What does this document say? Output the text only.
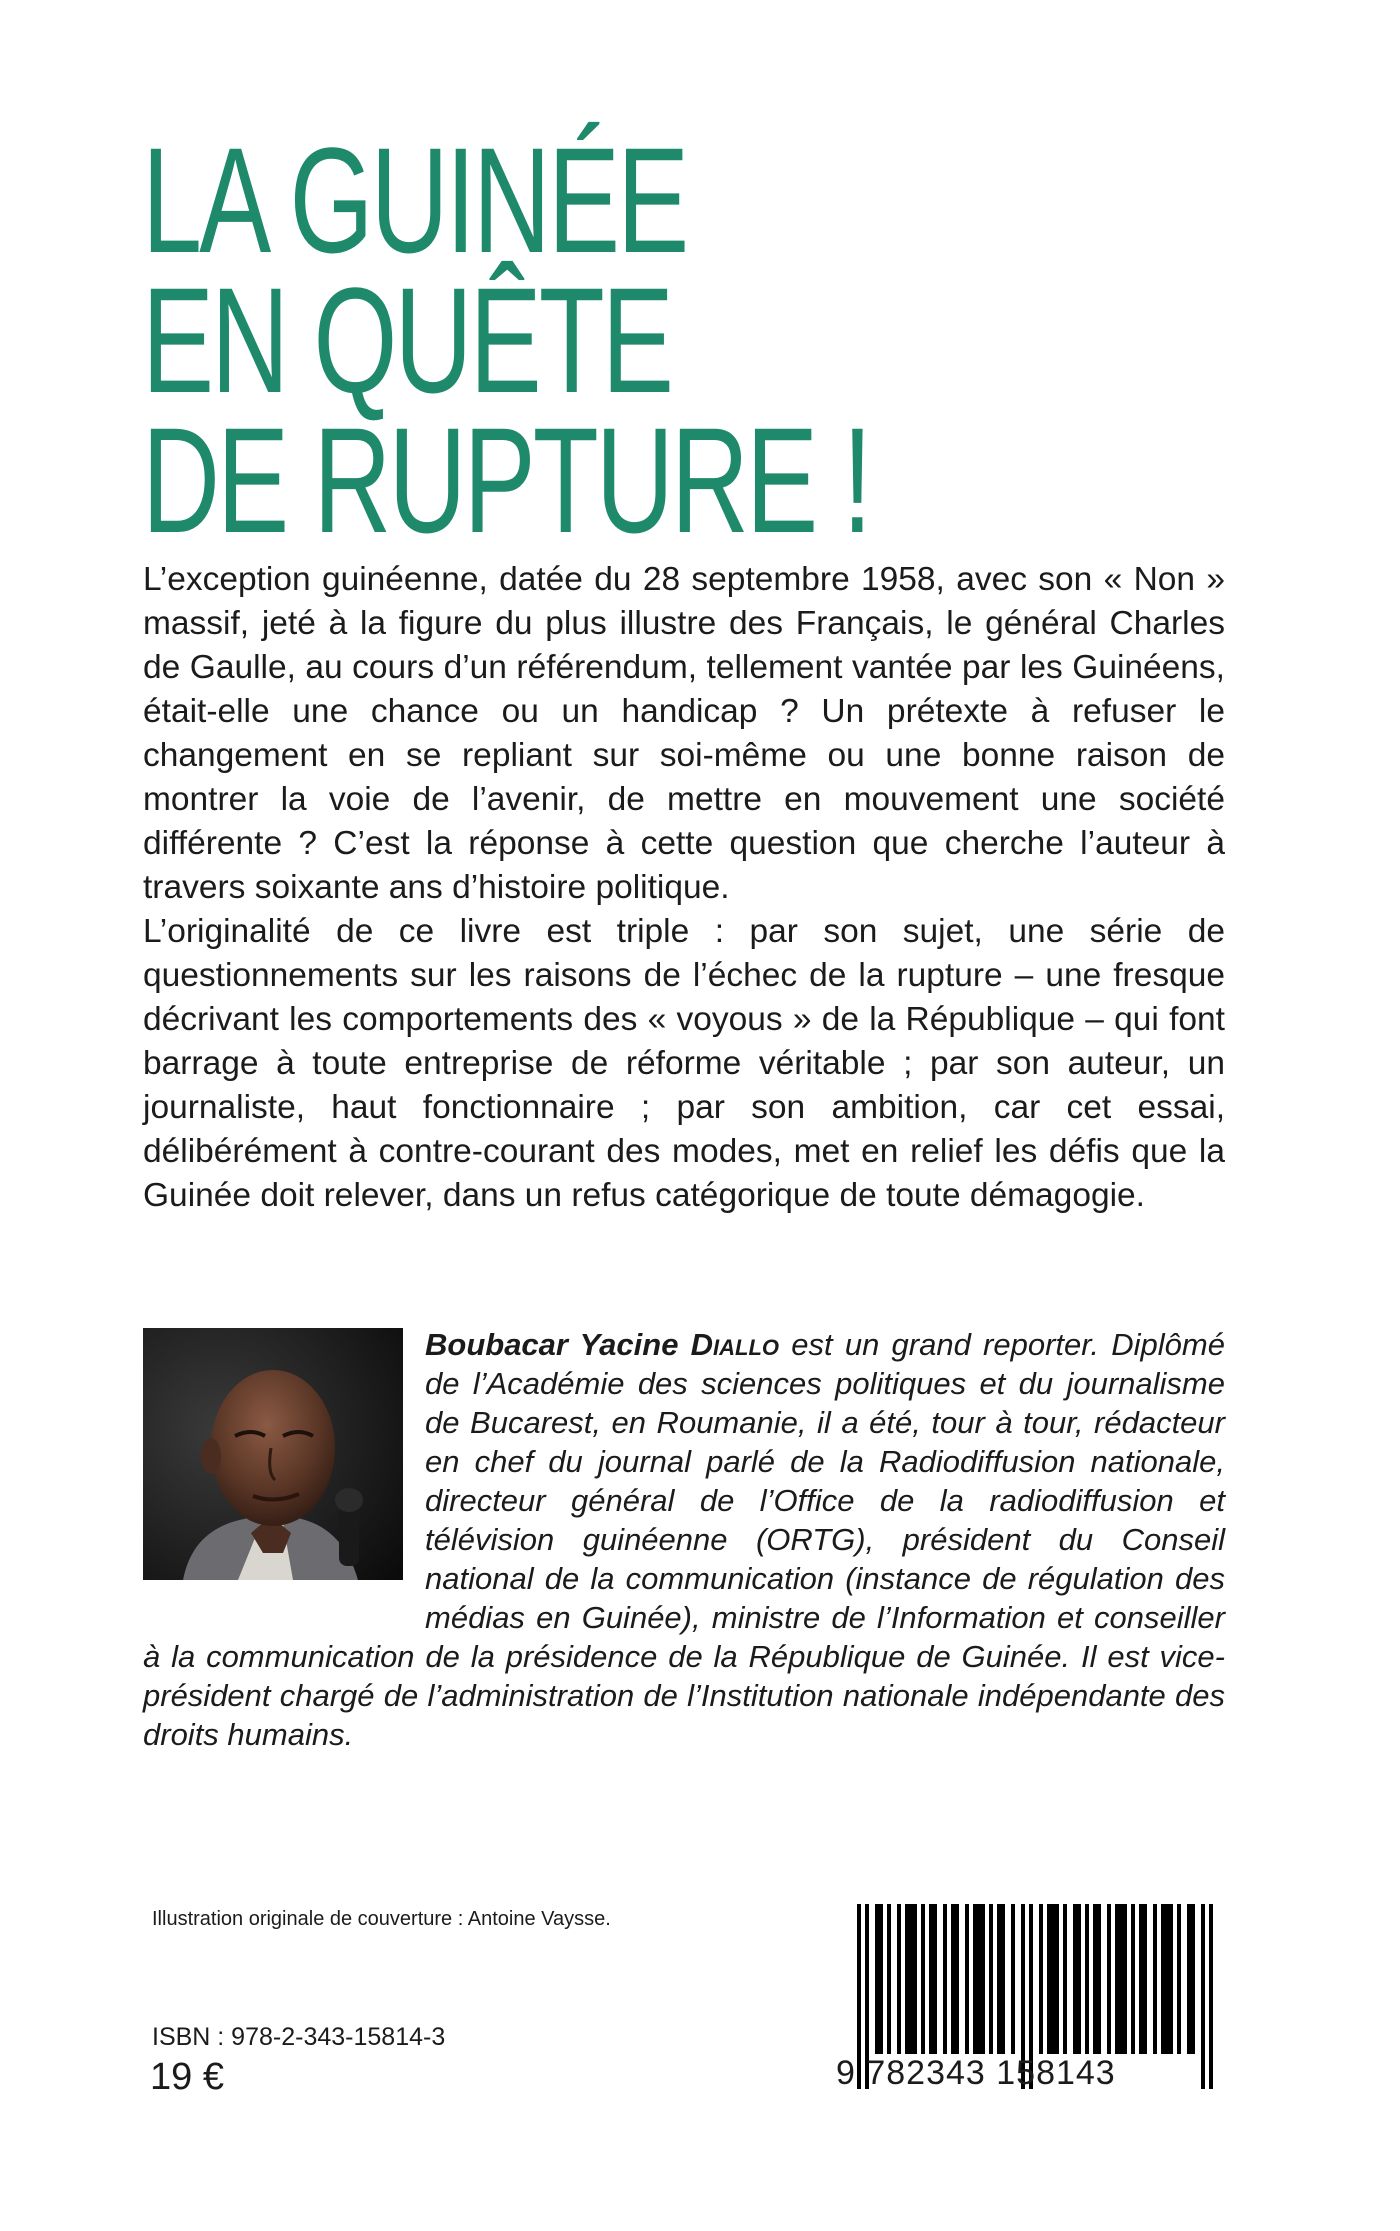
LA GUINÉE
EN QUÊTE
DE RUPTURE !

L’exception guinéenne, datée du 28 septembre 1958, avec son « Non » massif, jeté à la figure du plus illustre des Français, le général Charles de Gaulle, au cours d’un référendum, tellement vantée par les Guinéens, était-elle une chance ou un handicap ? Un prétexte à refuser le changement en se repliant sur soi-même ou une bonne raison de montrer la voie de l’avenir, de mettre en mouvement une société différente ? C’est la réponse à cette question que cherche l’auteur à travers soixante ans d’histoire politique.

L’originalité de ce livre est triple : par son sujet, une série de questionnements sur les raisons de l’échec de la rupture – une fresque décrivant les comportements des « voyous » de la République – qui font barrage à toute entreprise de réforme véritable ; par son auteur, un journaliste, haut fonctionnaire ; par son ambition, car cet essai, délibérément à contre-courant des modes, met en relief les défis que la Guinée doit relever, dans un refus catégorique de toute démagogie.

Boubacar Yacine Diallo est un grand reporter. Diplômé de l’Académie des sciences politiques et du journalisme de Bucarest, en Roumanie, il a été, tour à tour, rédacteur en chef du journal parlé de la Radiodiffusion nationale, directeur général de l’Office de la radiodiffusion et télévision guinéenne (ORTG), président du Conseil national de la communication (instance de régulation des médias en Guinée), ministre de l’Information et conseiller à la communication de la présidence de la République de Guinée. Il est vice-président chargé de l’administration de l’Institution nationale indépendante des droits humains.

Illustration originale de couverture : Antoine Vaysse.

ISBN : 978-2-343-15814-3

19 €	9 782343 158143
